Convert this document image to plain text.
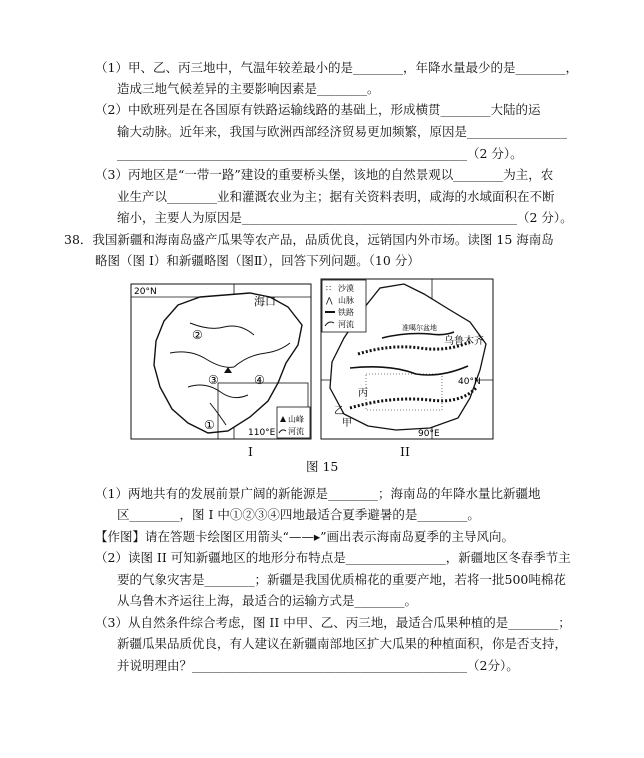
（1）甲、乙、丙三地中，气温年较差最小的是________，年降水量最少的是________，
造成三地气候差异的主要影响因素是________。
（2）中欧班列是在各国原有铁路运输线路的基础上，形成横贯________大陆的运
输大动脉。近年来，我国与欧洲西部经济贸易更加频繁，原因是________________
________________________________________________________（2 分）。
（3）丙地区是“一带一路”建设的重要桥头堡，该地的自然景观以________为主，农
业生产以________业和灌溉农业为主；据有关资料表明，咸海的水域面积在不断
缩小，主要人为原因是____________________________________________（2 分）。
38．我国新疆和海南岛盛产瓜果等农产品，品质优良，远销国内外市场。读图 15 海南岛
略图（图 I）和新疆略图（图Ⅱ），回答下列问题。（10 分）
20°N
海口
②
③	④
①
110°E
山峰
河流
准噶尔盆地
乌鲁木齐
丙
乙
甲
40°N
90°E
∷ 沙漠
⋀ 山脉
铁路
河流
I	II
图 15
（1）两地共有的发展前景广阔的新能源是________；海南岛的年降水量比新疆地
区________，图 I 中①②③④四地最适合夏季避暑的是________。
【作图】请在答题卡绘图区用箭头“——▸”画出表示海南岛夏季的主导风向。
（2）读图 II 可知新疆地区的地形分布特点是________________，新疆地区冬春季节主
要的气象灾害是________；新疆是我国优质棉花的重要产地，若将一批500吨棉花
从乌鲁木齐运往上海，最适合的运输方式是________。
（3）从自然条件综合考虑，图 II 中甲、乙、丙三地，最适合瓜果种植的是________；
新疆瓜果品质优良，有人建议在新疆南部地区扩大瓜果的种植面积，你是否支持，
并说明理由？____________________________________________（2分）。
